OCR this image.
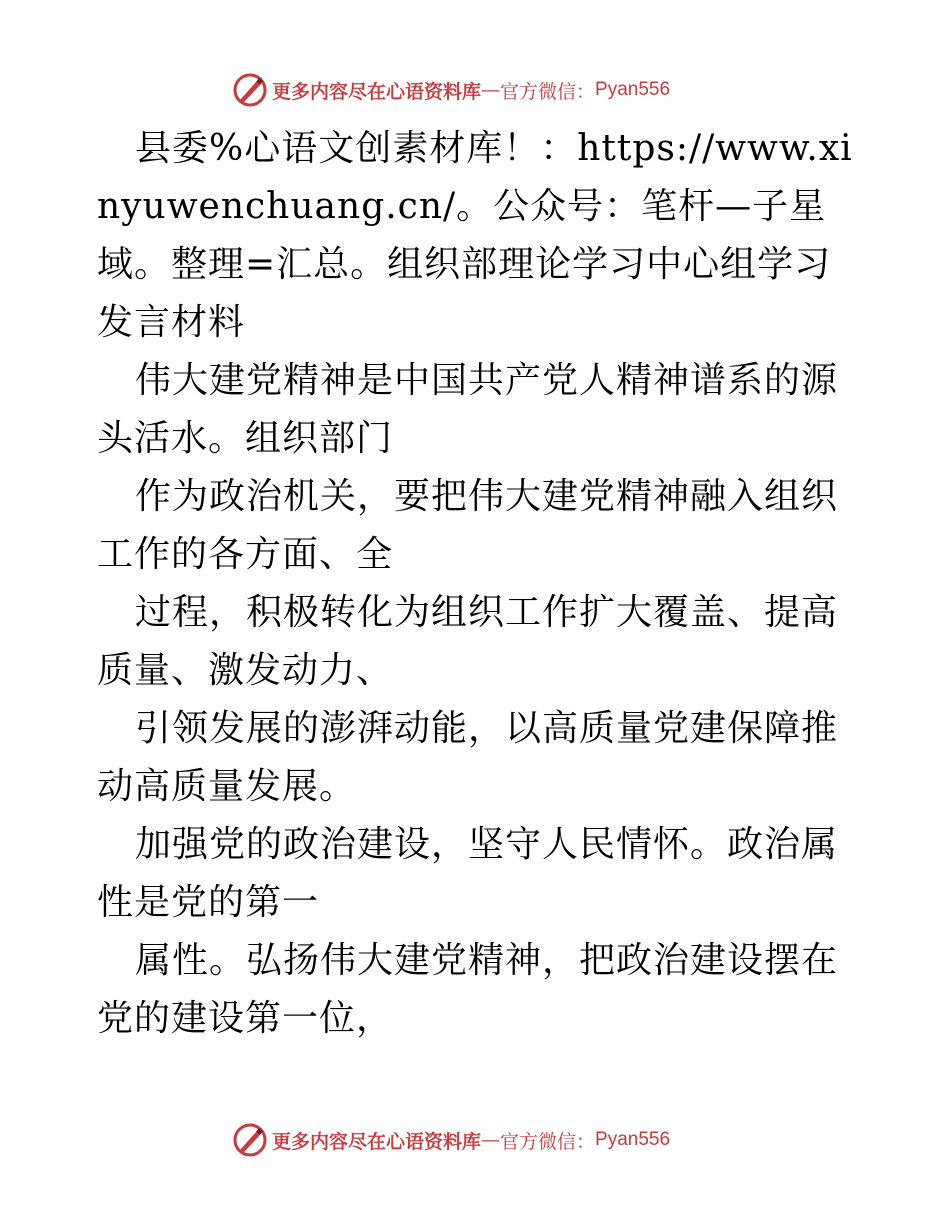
更多内容尽在心语资料库 — 官方微信： Pyan556

县委%心语文创素材库！：https://www.xinyuwenchuang.cn/。公众号：笔杆—子星域。整理=汇总。组织部理论学习中心组学习发言材料

伟大建党精神是中国共产党人精神谱系的源头活水。组织部门

作为政治机关，要把伟大建党精神融入组织工作的各方面、全

过程，积极转化为组织工作扩大覆盖、提高质量、激发动力、

引领发展的澎湃动能，以高质量党建保障推动高质量发展。

加强党的政治建设，坚守人民情怀。政治属性是党的第一

属性。弘扬伟大建党精神，把政治建设摆在党的建设第一位，

更多内容尽在心语资料库 — 官方微信： Pyan556
